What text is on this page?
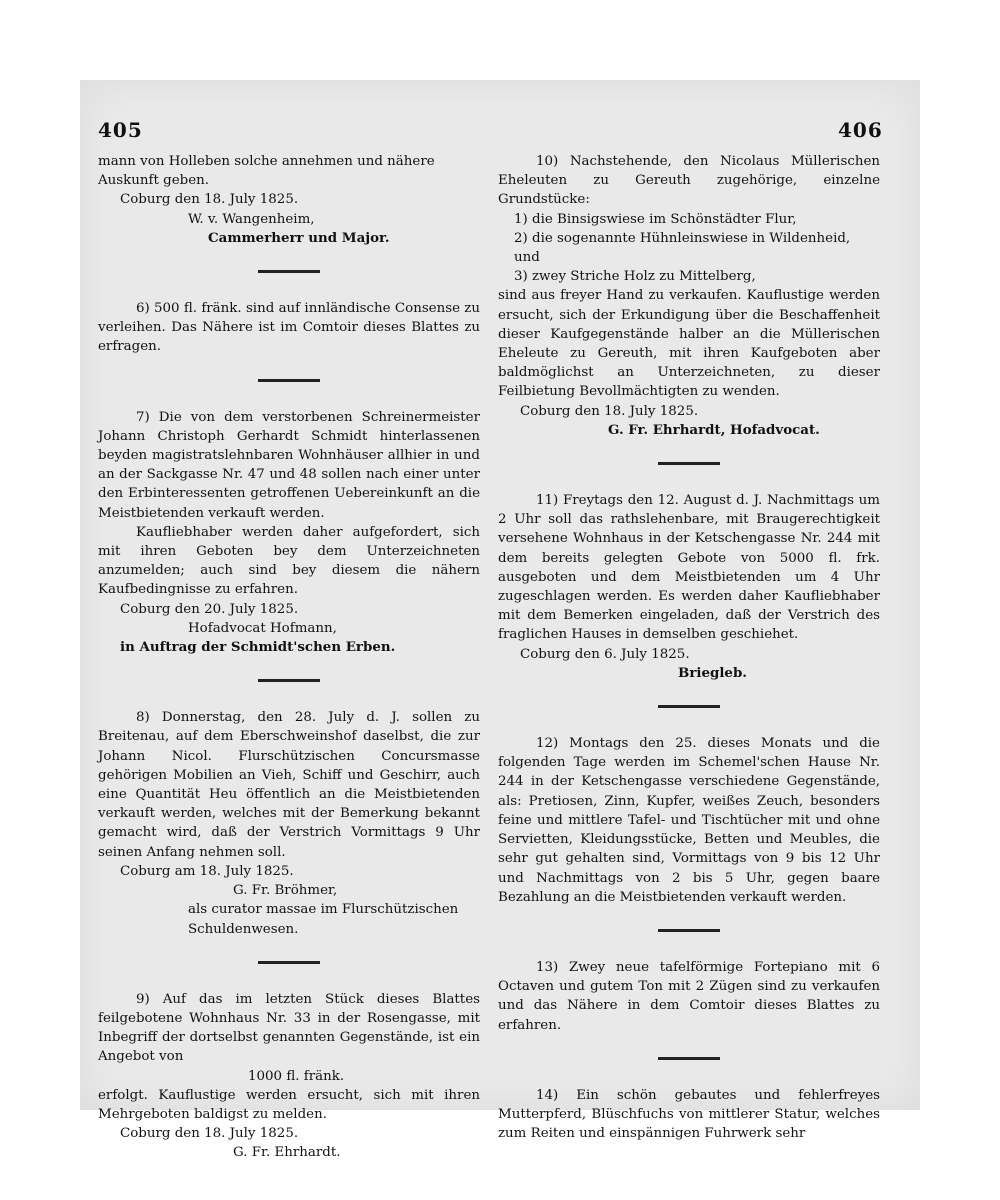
405	406

mann von Holleben solche annehmen und nähere

Auskunft geben.

Coburg den 18. July 1825.

W. v. Wangenheim,

Cammerherr und Major.

6) 500 fl. fränk. sind auf innländische Consense zu verleihen. Das Nähere ist im Comtoir dieses Blattes zu erfragen.

7) Die von dem verstorbenen Schreinermeister Johann Christoph Gerhardt Schmidt hinterlassenen beyden magistratslehnbaren Wohnhäuser allhier in und an der Sackgasse Nr. 47 und 48 sollen nach einer unter den Erbinteressenten getroffenen Uebereinkunft an die Meistbietenden verkauft werden.

Kaufliebhaber werden daher aufgefordert, sich mit ihren Geboten bey dem Unterzeichneten anzumelden; auch sind bey diesem die nähern Kaufbedingnisse zu erfahren.

Coburg den 20. July 1825.

Hofadvocat Hofmann,

in Auftrag der Schmidt'schen Erben.

8) Donnerstag, den 28. July d. J. sollen zu Breitenau, auf dem Eberschweinshof daselbst, die zur Johann Nicol. Flurschützischen Concursmasse gehörigen Mobilien an Vieh, Schiff und Geschirr, auch eine Quantität Heu öffentlich an die Meistbietenden verkauft werden, welches mit der Bemerkung bekannt gemacht wird, daß der Verstrich Vormittags 9 Uhr seinen Anfang nehmen soll.

Coburg am 18. July 1825.

G. Fr. Bröhmer,

als curator massae im Flurschützischen Schuldenwesen.

9) Auf das im letzten Stück dieses Blattes feilgebotene Wohnhaus Nr. 33 in der Rosengasse, mit Inbegriff der dortselbst genannten Gegenstände, ist ein Angebot von

1000 fl. fränk.

erfolgt. Kauflustige werden ersucht, sich mit ihren Mehrgeboten baldigst zu melden.

Coburg den 18. July 1825.

G. Fr. Ehrhardt.

10) Nachstehende, den Nicolaus Müllerischen Eheleuten zu Gereuth zugehörige, einzelne Grundstücke:

1) die Binsigswiese im Schönstädter Flur,

2) die sogenannte Hühnleinswiese in Wildenheid, und

3) zwey Striche Holz zu Mittelberg,

sind aus freyer Hand zu verkaufen. Kauflustige werden ersucht, sich der Erkundigung über die Beschaffenheit dieser Kaufgegenstände halber an die Müllerischen Eheleute zu Gereuth, mit ihren Kaufgeboten aber baldmöglichst an Unterzeichneten, zu dieser Feilbietung Bevollmächtigten zu wenden.

Coburg den 18. July 1825.

G. Fr. Ehrhardt, Hofadvocat.

11) Freytags den 12. August d. J. Nachmittags um 2 Uhr soll das rathslehenbare, mit Braugerechtigkeit versehene Wohnhaus in der Ketschengasse Nr. 244 mit dem bereits gelegten Gebote von 5000 fl. frk. ausgeboten und dem Meistbietenden um 4 Uhr zugeschlagen werden. Es werden daher Kaufliebhaber mit dem Bemerken eingeladen, daß der Verstrich des fraglichen Hauses in demselben geschiehet.

Coburg den 6. July 1825.

Briegleb.

12) Montags den 25. dieses Monats und die folgenden Tage werden im Schemel'schen Hause Nr. 244 in der Ketschengasse verschiedene Gegenstände, als: Pretiosen, Zinn, Kupfer, weißes Zeuch, besonders feine und mittlere Tafel- und Tischtücher mit und ohne Servietten, Kleidungsstücke, Betten und Meubles, die sehr gut gehalten sind, Vormittags von 9 bis 12 Uhr und Nachmittags von 2 bis 5 Uhr, gegen baare Bezahlung an die Meistbietenden verkauft werden.

13) Zwey neue tafelförmige Fortepiano mit 6 Octaven und gutem Ton mit 2 Zügen sind zu verkaufen und das Nähere in dem Comtoir dieses Blattes zu erfahren.

14) Ein schön gebautes und fehlerfreyes Mutterpferd, Blüschfuchs von mittlerer Statur, welches zum Reiten und einspännigen Fuhrwerk sehr
